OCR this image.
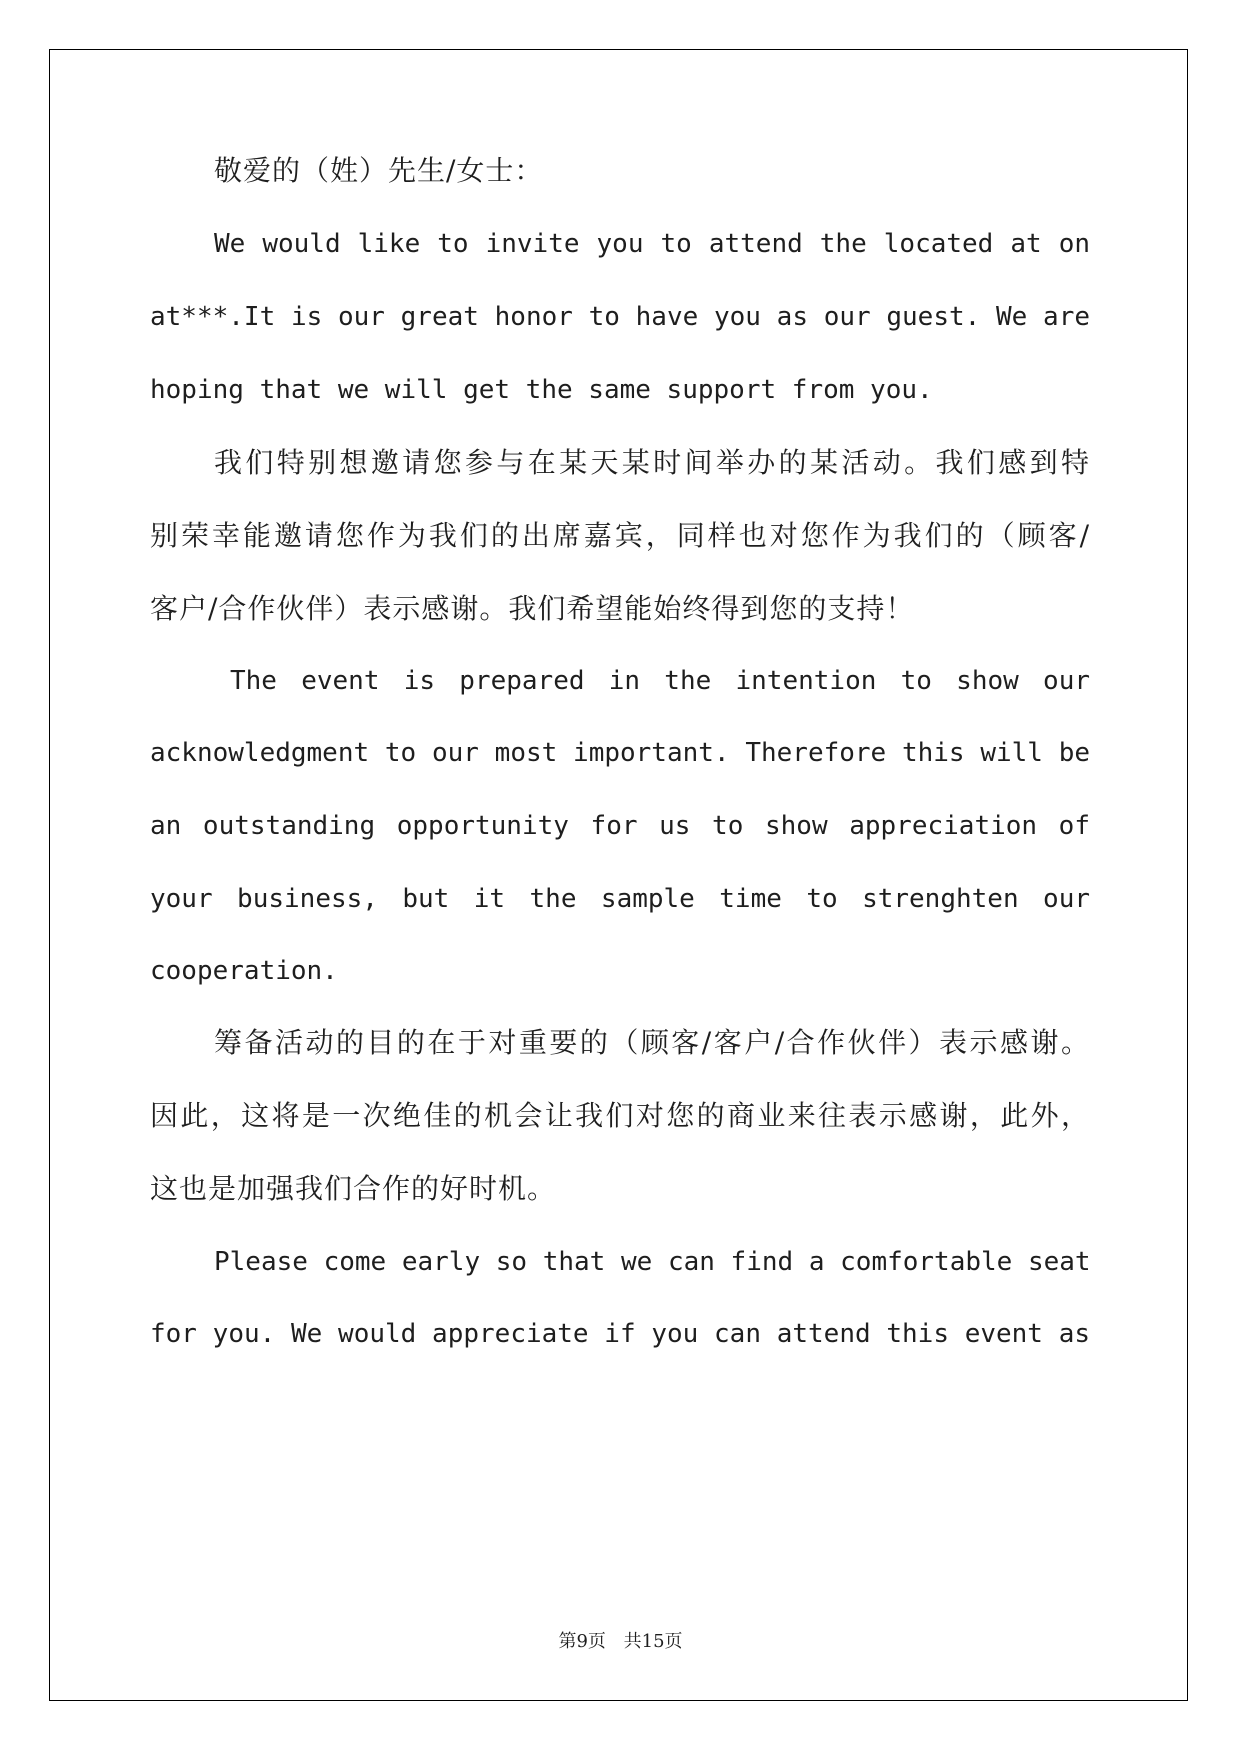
敬爱的（姓）先生/女士：
We would like to invite you to attend the located at on
at***.It is our great honor to have you as our guest. We are
hoping that we will get the same support from you.
我们特别想邀请您参与在某天某时间举办的某活动。我们感到特
别荣幸能邀请您作为我们的出席嘉宾，同样也对您作为我们的（顾客/
客户/合作伙伴）表示感谢。我们希望能始终得到您的支持！
The event is prepared in the intention to show our
acknowledgment to our most important. Therefore this will be
an outstanding opportunity for us to show appreciation of
your business, but it the sample time to strenghten our
cooperation.
筹备活动的目的在于对重要的（顾客/客户/合作伙伴）表示感谢。
因此，这将是一次绝佳的机会让我们对您的商业来往表示感谢，此外，
这也是加强我们合作的好时机。
Please come early so that we can find a comfortable seat
for you. We would appreciate if you can attend this event as
第9页 共15页
